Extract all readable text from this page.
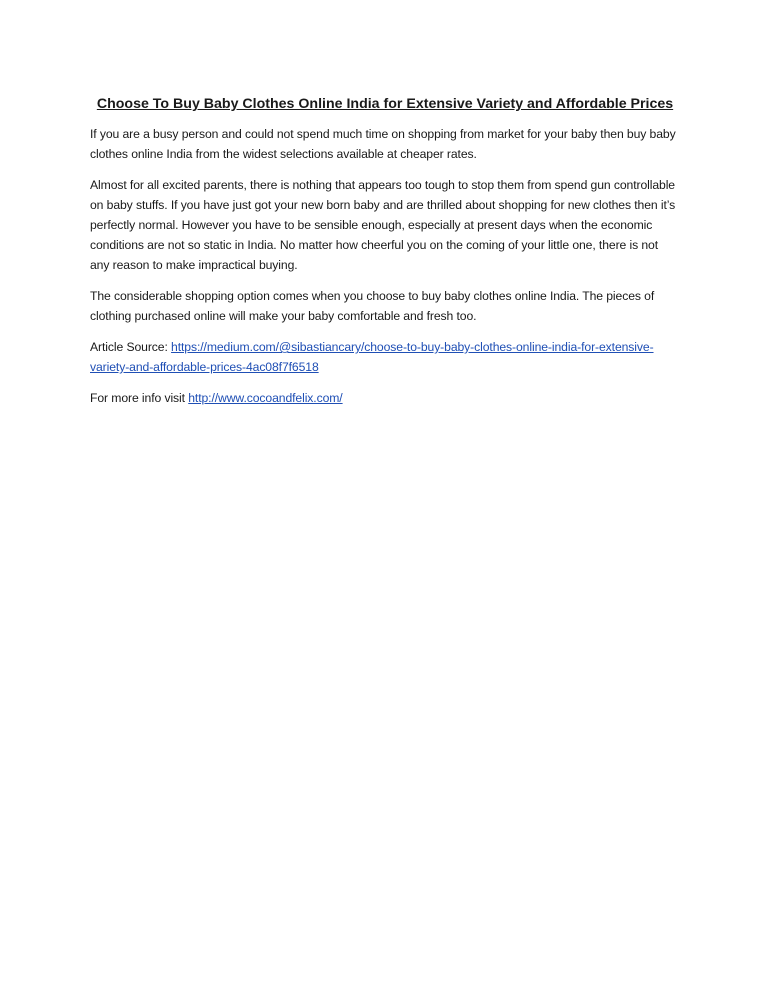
Choose To Buy Baby Clothes Online India for Extensive Variety and Affordable Prices

If you are a busy person and could not spend much time on shopping from market for your baby then buy baby clothes online India from the widest selections available at cheaper rates.

Almost for all excited parents, there is nothing that appears too tough to stop them from spend gun controllable on baby stuffs. If you have just got your new born baby and are thrilled about shopping for new clothes then it’s perfectly normal. However you have to be sensible enough, especially at present days when the economic conditions are not so static in India. No matter how cheerful you on the coming of your little one, there is not any reason to make impractical buying.

The considerable shopping option comes when you choose to buy baby clothes online India. The pieces of clothing purchased online will make your baby comfortable and fresh too.

Article Source: https://medium.com/@sibastiancary/choose-to-buy-baby-clothes-online-india-for-extensive-variety-and-affordable-prices-4ac08f7f6518

For more info visit http://www.cocoandfelix.com/
